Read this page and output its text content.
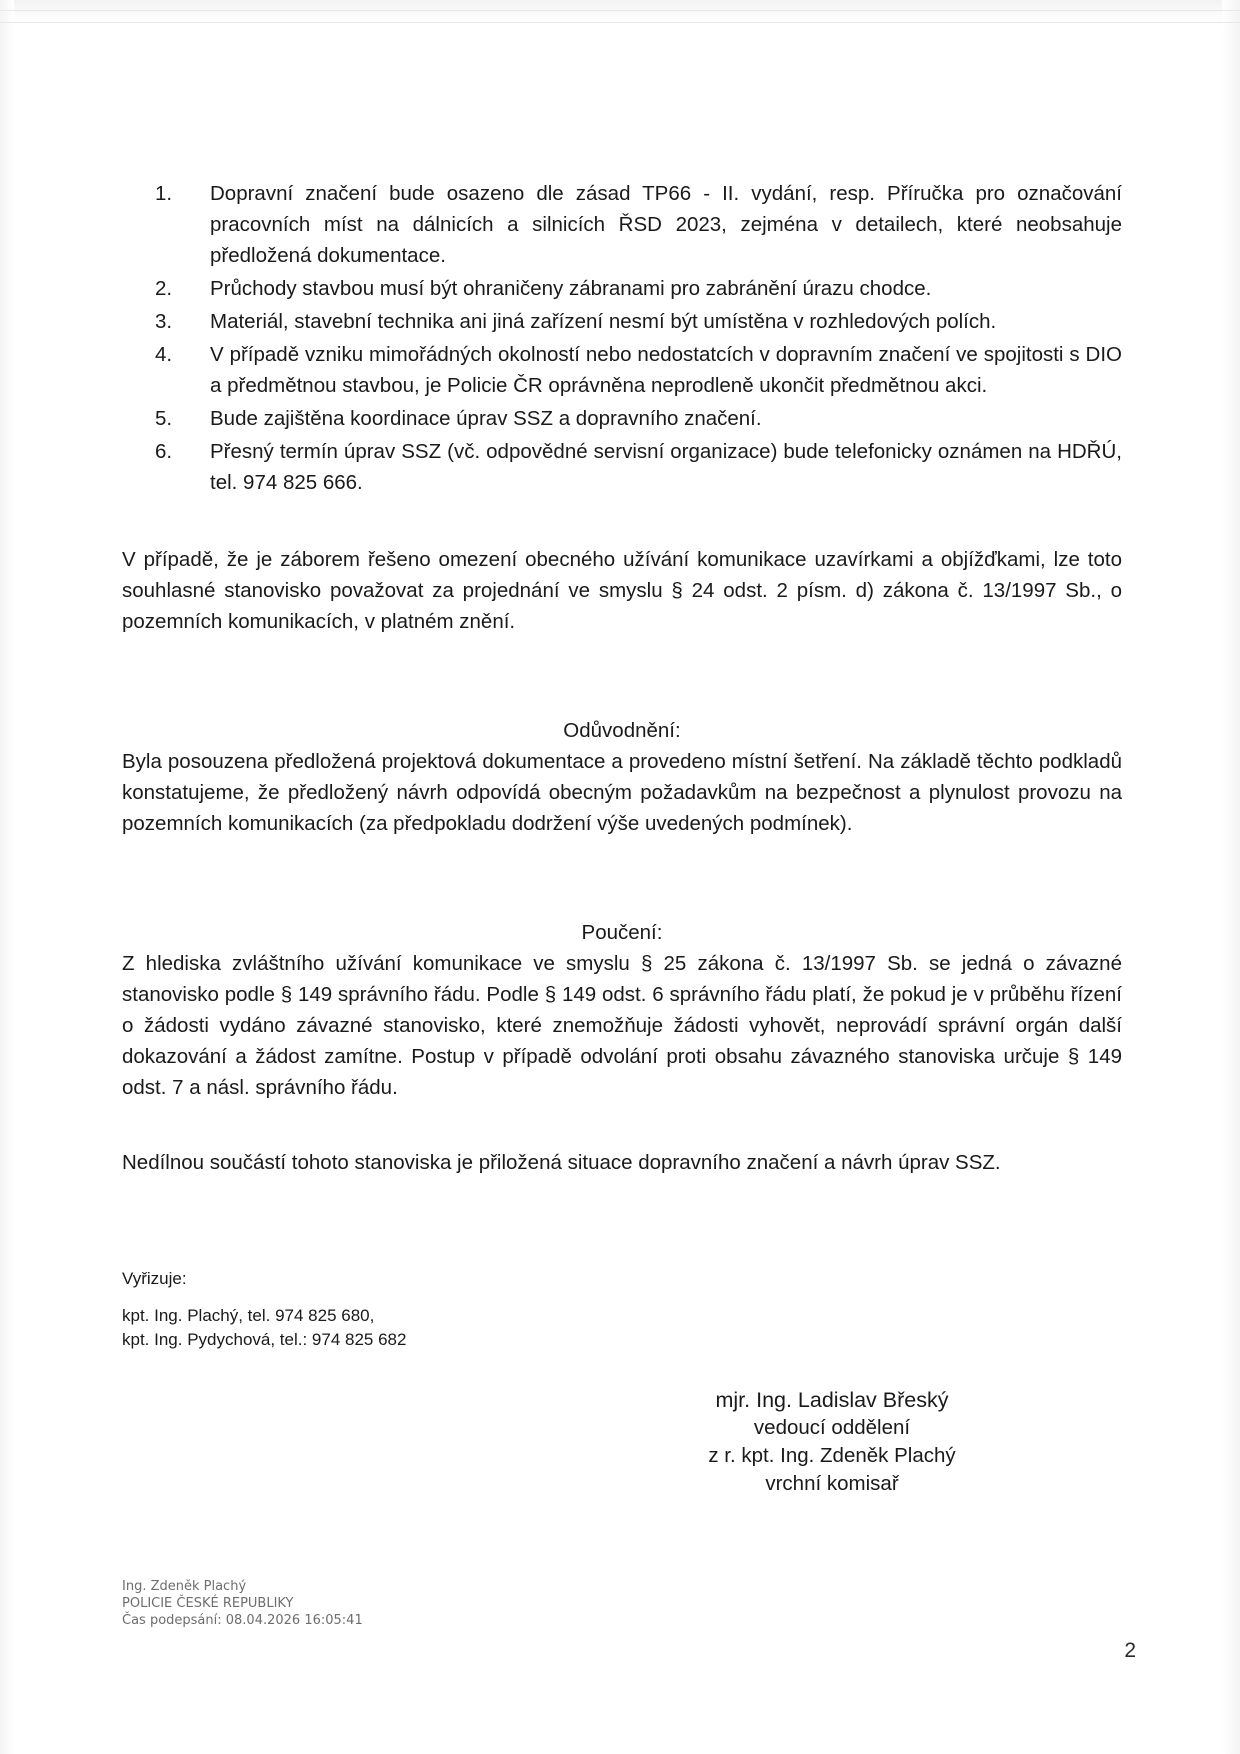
1.	Dopravní značení bude osazeno dle zásad TP66 - II. vydání, resp. Příručka pro označování pracovních míst na dálnicích a silnicích ŘSD 2023, zejména v detailech, které neobsahuje předložená dokumentace.
2.	Průchody stavbou musí být ohraničeny zábranami pro zabránění úrazu chodce.
3.	Materiál, stavební technika ani jiná zařízení nesmí být umístěna v rozhledových polích.
4.	V případě vzniku mimořádných okolností nebo nedostatcích v dopravním značení ve spojitosti s DIO a předmětnou stavbou, je Policie ČR oprávněna neprodleně ukončit předmětnou akci.
5.	Bude zajištěna koordinace úprav SSZ a dopravního značení.
6.	Přesný termín úprav SSZ (vč. odpovědné servisní organizace) bude telefonicky oznámen na HDŘÚ, tel. 974 825 666.

V případě, že je záborem řešeno omezení obecného užívání komunikace uzavírkami a objížďkami, lze toto souhlasné stanovisko považovat za projednání ve smyslu § 24 odst. 2 písm. d) zákona č. 13/1997 Sb., o pozemních komunikacích, v platném znění.

Odůvodnění:

Byla posouzena předložená projektová dokumentace a provedeno místní šetření. Na základě těchto podkladů konstatujeme, že předložený návrh odpovídá obecným požadavkům na bezpečnost a plynulost provozu na pozemních komunikacích (za předpokladu dodržení výše uvedených podmínek).

Poučení:

Z hlediska zvláštního užívání komunikace ve smyslu § 25 zákona č. 13/1997 Sb. se jedná o závazné stanovisko podle § 149 správního řádu. Podle § 149 odst. 6 správního řádu platí, že pokud je v průběhu řízení o žádosti vydáno závazné stanovisko, které znemožňuje žádosti vyhovět, neprovádí správní orgán další dokazování a žádost zamítne. Postup v případě odvolání proti obsahu závazného stanoviska určuje § 149 odst. 7 a násl. správního řádu.

Nedílnou součástí tohoto stanoviska je přiložená situace dopravního značení a návrh úprav SSZ.

Vyřizuje:

kpt. Ing. Plachý, tel. 974 825 680,

kpt. Ing. Pydychová, tel.: 974 825 682

mjr. Ing. Ladislav Břeský

vedoucí oddělení

z r. kpt. Ing. Zdeněk Plachý

vrchní komisař

Ing. Zdeněk Plachý

POLICIE ČESKÉ REPUBLIKY

Čas podepsání: 08.04.2026 16:05:41

2
